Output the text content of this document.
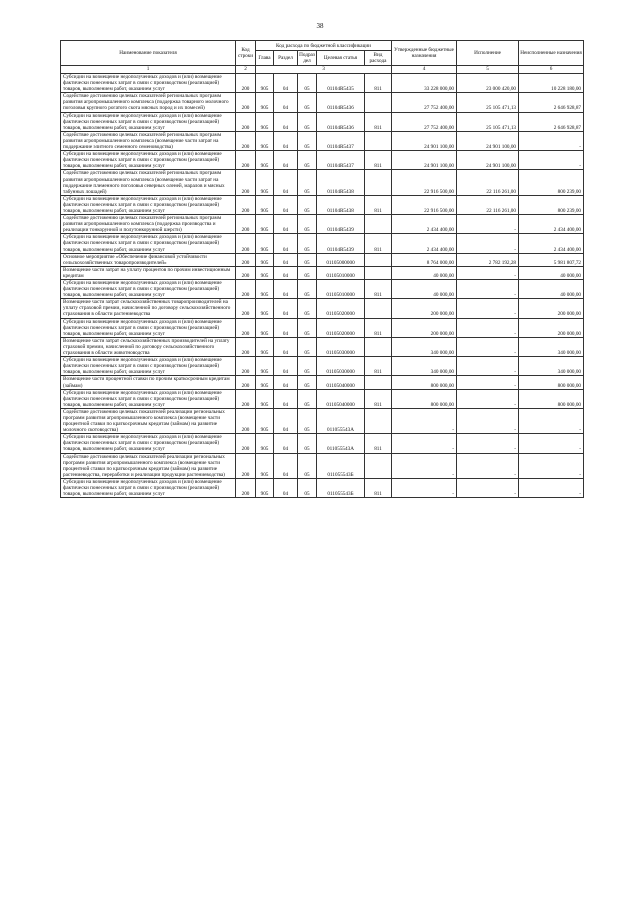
38
Наименование показателя	Код строки	Код расхода по бюджетной классификации					Утвержденные бюджетные назначения	Исполнение	Неисполненные назначения
		Глава	Раздел	Подраз дел	Целевая статья	Вид расхода			
1	2	3					4	5	6
Субсидии на возмещение недополученных доходов и (или) возмещение фактически понесенных затрат в связи с производством (реализацией) товаров, выполнением работ, оказанием услуг	200	905	04	05	01104R5435	811	33 228 000,00	23 000 420,00	10 228 180,00
Содействие достижению целевых показателей региональных программ развития агропромышленного комплекса (поддержка товарного молочного поголовья крупного рогатого скота мясных пород и их помесей)	200	905	04	05	01104R5436		27 752 400,00	25 105 471,13	2 646 928,87
Субсидии на возмещение недополученных доходов и (или) возмещение фактически понесенных затрат в связи с производством (реализацией) товаров, выполнением работ, оказанием услуг	200	905	04	05	01104R5436	811	27 752 400,00	25 105 471,13	2 646 928,87
Содействие достижению целевых показателей региональных программ развития агропромышленного комплекса (возмещение части затрат на поддержание элитного семенного семеноводства)	200	905	04	05	01104R5437		24 901 100,00	24 901 100,00	-
Субсидии на возмещение недополученных доходов и (или) возмещение фактически понесенных затрат в связи с производством (реализацией) товаров, выполнением работ, оказанием услуг	200	905	04	05	01104R5437	811	24 901 100,00	24 901 100,00	-
Содействие достижению целевых показателей региональных программ развития агропромышленного комплекса (возмещение части затрат на поддержание племенного поголовья северных оленей, маралов и мясных табунных лошадей)	200	905	04	05	01104R5438		22 916 500,00	22 116 261,00	800 239,00
Субсидии на возмещение недополученных доходов и (или) возмещение фактически понесенных затрат в связи с производством (реализацией) товаров, выполнением работ, оказанием услуг	200	905	04	05	01104R5438	811	22 916 500,00	22 116 261,00	800 239,00
Содействие достижению целевых показателей региональных программ развития агропромышленного комплекса (поддержка производства и реализации тонкорунной и полутонкорунной шерсти)	200	905	04	05	01104R5439		2 434 400,00	-	2 434 400,00
Субсидии на возмещение недополученных доходов и (или) возмещение фактически понесенных затрат в связи с производством (реализацией) товаров, выполнением работ, оказанием услуг	200	905	04	05	01104R5439	811	2 434 400,00	-	2 434 400,00
Основное мероприятие «Обеспечение финансовой устойчивости сельскохозяйственных товаропроизводителей»	200	905	04	05	01105000000		8 764 000,00	2 782 192,28	5 981 807,72
Возмещение части затрат на уплату процентов по прочим инвестиционным кредитам	200	905	04	05	01105010000		40 000,00	-	40 000,00
Субсидии на возмещение недополученных доходов и (или) возмещение фактически понесенных затрат в связи с производством (реализацией) товаров, выполнением работ, оказанием услуг	200	905	04	05	01105010000	811	40 000,00	-	40 000,00
Возмещение части затрат сельскохозяйственных товаропроизводителей на уплату страховой премии, начисленной по договору сельскохозяйственного страхования в области растениеводства	200	905	04	05	01105020000		200 000,00	-	200 000,00
Субсидии на возмещение недополученных доходов и (или) возмещение фактически понесенных затрат в связи с производством (реализацией) товаров, выполнением работ, оказанием услуг	200	905	04	05	01105020000	811	200 000,00	-	200 000,00
Возмещение части затрат сельскохозяйственных производителей на уплату страховой премии, начисленной по договору сельскохозяйственного страхования в области животноводства	200	905	04	05	01105030000		340 000,00	-	340 000,00
Субсидии на возмещение недополученных доходов и (или) возмещение фактически понесенных затрат в связи с производством (реализацией) товаров, выполнением работ, оказанием услуг	200	905	04	05	01105030000	811	340 000,00	-	340 000,00
Возмещение части процентной ставки по прочим краткосрочным кредитам (займам)	200	905	04	05	01105040000		800 000,00	-	800 000,00
Субсидии на возмещение недополученных доходов и (или) возмещение фактически понесенных затрат в связи с производством (реализацией) товаров, выполнением работ, оказанием услуг	200	905	04	05	01105040000	811	800 000,00	-	800 000,00
Содействие достижению целевых показателей реализации региональных программ развития агропромышленного комплекса (возмещение части процентной ставки по краткосрочным кредитам (займам) на развитие молочного скотоводства)	200	905	04	05	011055543А		-	-	-
Субсидии на возмещение недополученных доходов и (или) возмещение фактически понесенных затрат в связи с производством (реализацией) товаров, выполнением работ, оказанием услуг	200	905	04	05	011055543А	811	-	-	-
Содействие достижению целевых показателей реализации региональных программ развития агропромышленного комплекса (возмещение части процентной ставки по краткосрочным кредитам (займам) на развитие растениеводства, переработки и реализации продукции растениеводства)	200	905	04	05	011055543Б		-	-	-
Субсидии на возмещение недополученных доходов и (или) возмещение фактически понесенных затрат в связи с производством (реализацией) товаров, выполнением работ, оказанием услуг	200	905	04	05	011055543Б	811	-	-	-
